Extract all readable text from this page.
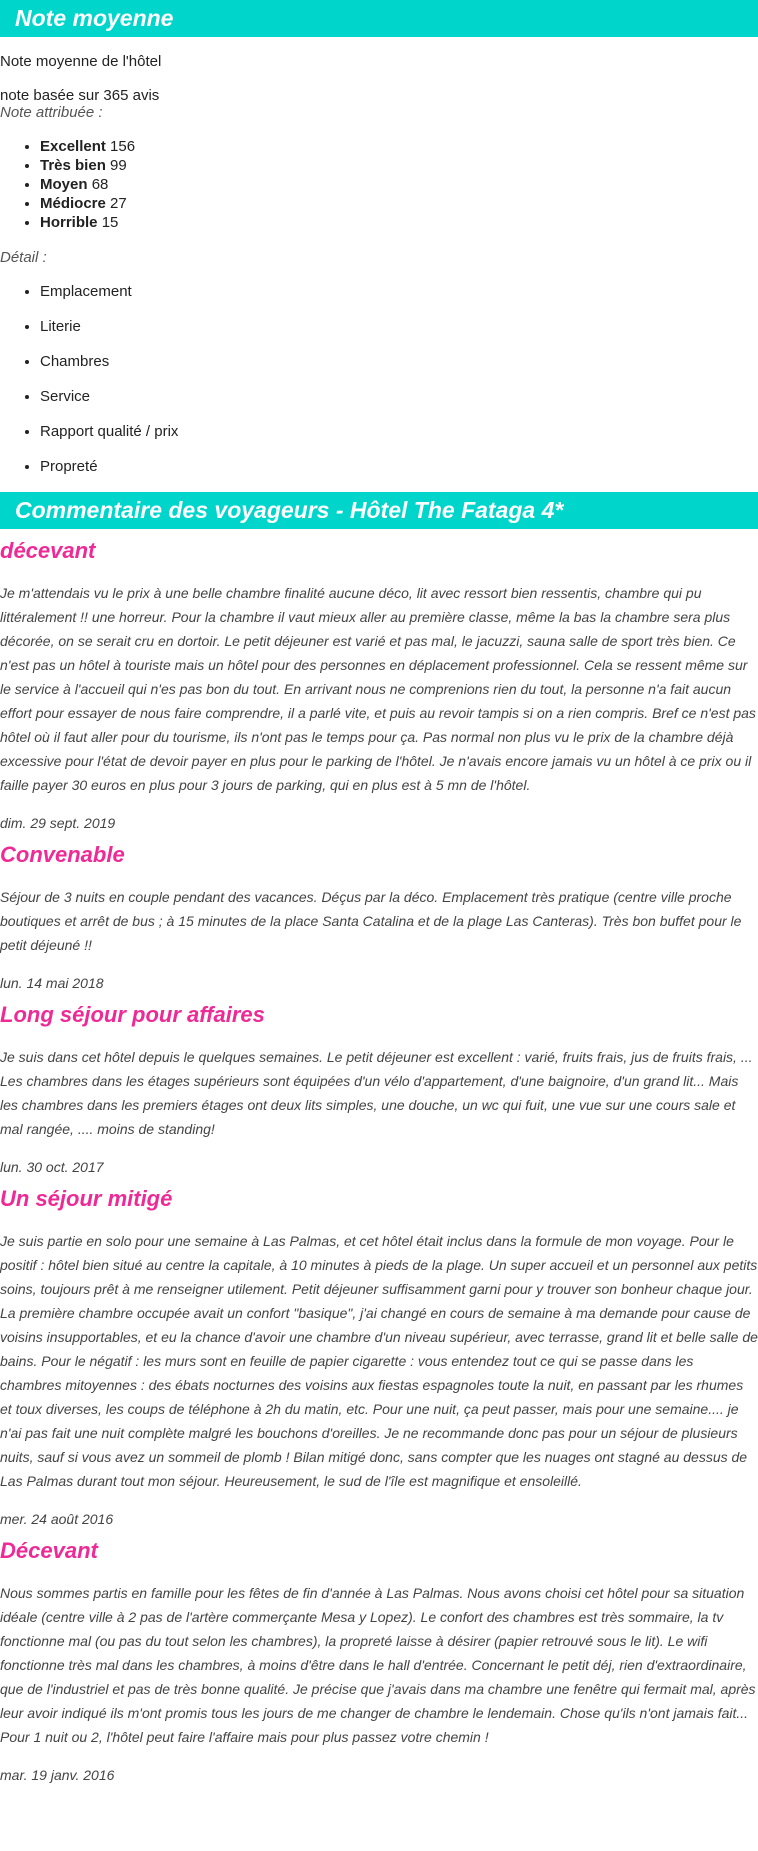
Note moyenne

Note moyenne de l'hôtel

note basée sur 365 avis

Note attribuée :

• Excellent 156
• Très bien 99
• Moyen 68
• Médiocre 27
• Horrible 15

Détail :

• Emplacement
• Literie
• Chambres
• Service
• Rapport qualité / prix
• Propreté
Commentaire des voyageurs - Hôtel The Fataga 4*
décevant

Je m'attendais vu le prix à une belle chambre finalité aucune déco, lit avec ressort bien ressentis, chambre qui pu littéralement !! une horreur. Pour la chambre il vaut mieux aller au première classe, même la bas la chambre sera plus décorée, on se serait cru en dortoir. Le petit déjeuner est varié et pas mal, le jacuzzi, sauna salle de sport très bien. Ce n'est pas un hôtel à touriste mais un hôtel pour des personnes en déplacement professionnel. Cela se ressent même sur le service à l'accueil qui n'es pas bon du tout. En arrivant nous ne comprenions rien du tout, la personne n'a fait aucun effort pour essayer de nous faire comprendre, il a parlé vite, et puis au revoir tampis si on a rien compris. Bref ce n'est pas hôtel où il faut aller pour du tourisme, ils n'ont pas le temps pour ça. Pas normal non plus vu le prix de la chambre déjà excessive pour l'état de devoir payer en plus pour le parking de l'hôtel. Je n'avais encore jamais vu un hôtel à ce prix ou il faille payer 30 euros en plus pour 3 jours de parking, qui en plus est à 5 mn de l'hôtel.

dim. 29 sept. 2019

Convenable

Séjour de 3 nuits en couple pendant des vacances. Déçus par la déco. Emplacement très pratique (centre ville proche boutiques et arrêt de bus ; à 15 minutes de la place Santa Catalina et de la plage Las Canteras). Très bon buffet pour le petit déjeuné !!

lun. 14 mai 2018

Long séjour pour affaires

Je suis dans cet hôtel depuis le quelques semaines. Le petit déjeuner est excellent : varié, fruits frais, jus de fruits frais, ... Les chambres dans les étages supérieurs sont équipées d'un vélo d'appartement, d'une baignoire, d'un grand lit... Mais les chambres dans les premiers étages ont deux lits simples, une douche, un wc qui fuit, une vue sur une cours sale et mal rangée, .... moins de standing!

lun. 30 oct. 2017

Un séjour mitigé

Je suis partie en solo pour une semaine à Las Palmas, et cet hôtel était inclus dans la formule de mon voyage. Pour le positif : hôtel bien situé au centre la capitale, à 10 minutes à pieds de la plage. Un super accueil et un personnel aux petits soins, toujours prêt à me renseigner utilement. Petit déjeuner suffisamment garni pour y trouver son bonheur chaque jour. La première chambre occupée avait un confort "basique", j'ai changé en cours de semaine à ma demande pour cause de voisins insupportables, et eu la chance d'avoir une chambre d'un niveau supérieur, avec terrasse, grand lit et belle salle de bains. Pour le négatif : les murs sont en feuille de papier cigarette : vous entendez tout ce qui se passe dans les chambres mitoyennes : des ébats nocturnes des voisins aux fiestas espagnoles toute la nuit, en passant par les rhumes et toux diverses, les coups de téléphone à 2h du matin, etc. Pour une nuit, ça peut passer, mais pour une semaine.... je n'ai pas fait une nuit complète malgré les bouchons d'oreilles. Je ne recommande donc pas pour un séjour de plusieurs nuits, sauf si vous avez un sommeil de plomb ! Bilan mitigé donc, sans compter que les nuages ont stagné au dessus de Las Palmas durant tout mon séjour. Heureusement, le sud de l'île est magnifique et ensoleillé.

mer. 24 août 2016

Décevant

Nous sommes partis en famille pour les fêtes de fin d'année à Las Palmas. Nous avons choisi cet hôtel pour sa situation idéale (centre ville à 2 pas de l'artère commerçante Mesa y Lopez). Le confort des chambres est très sommaire, la tv fonctionne mal (ou pas du tout selon les chambres), la propreté laisse à désirer (papier retrouvé sous le lit). Le wifi fonctionne très mal dans les chambres, à moins d'être dans le hall d'entrée. Concernant le petit déj, rien d'extraordinaire, que de l'industriel et pas de très bonne qualité. Je précise que j'avais dans ma chambre une fenêtre qui fermait mal, après leur avoir indiqué ils m'ont promis tous les jours de me changer de chambre le lendemain. Chose qu'ils n'ont jamais fait... Pour 1 nuit ou 2, l'hôtel peut faire l'affaire mais pour plus passez votre chemin !

mar. 19 janv. 2016
